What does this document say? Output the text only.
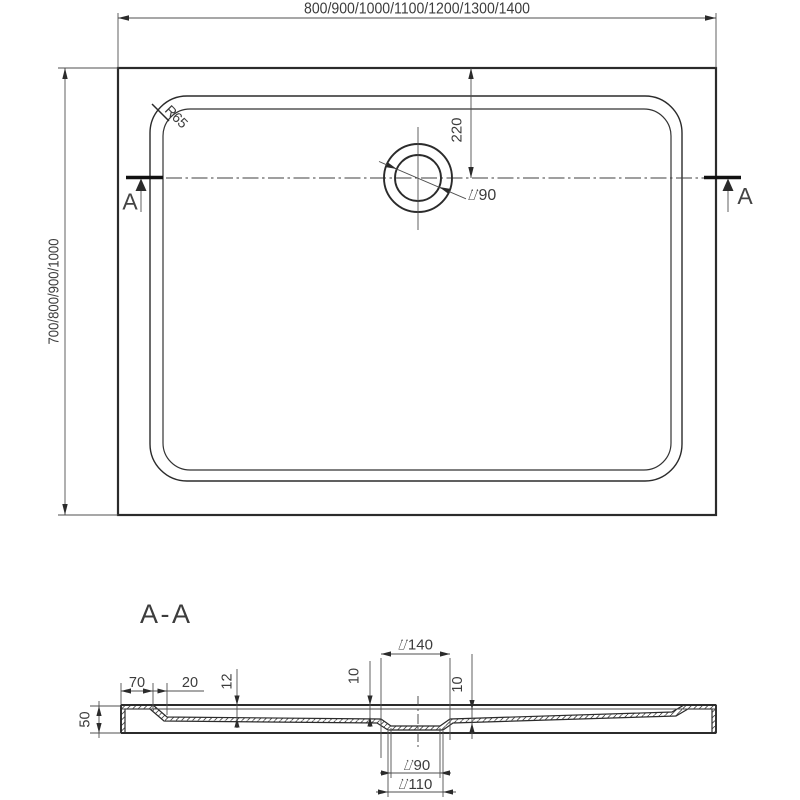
⌰90
220
800/900/1000/1100/1200/1300/1400
700/800/900/1000
R65
A	A
A-A
50
70	20 12	10
10
⌰140
⌰90
⌰110
